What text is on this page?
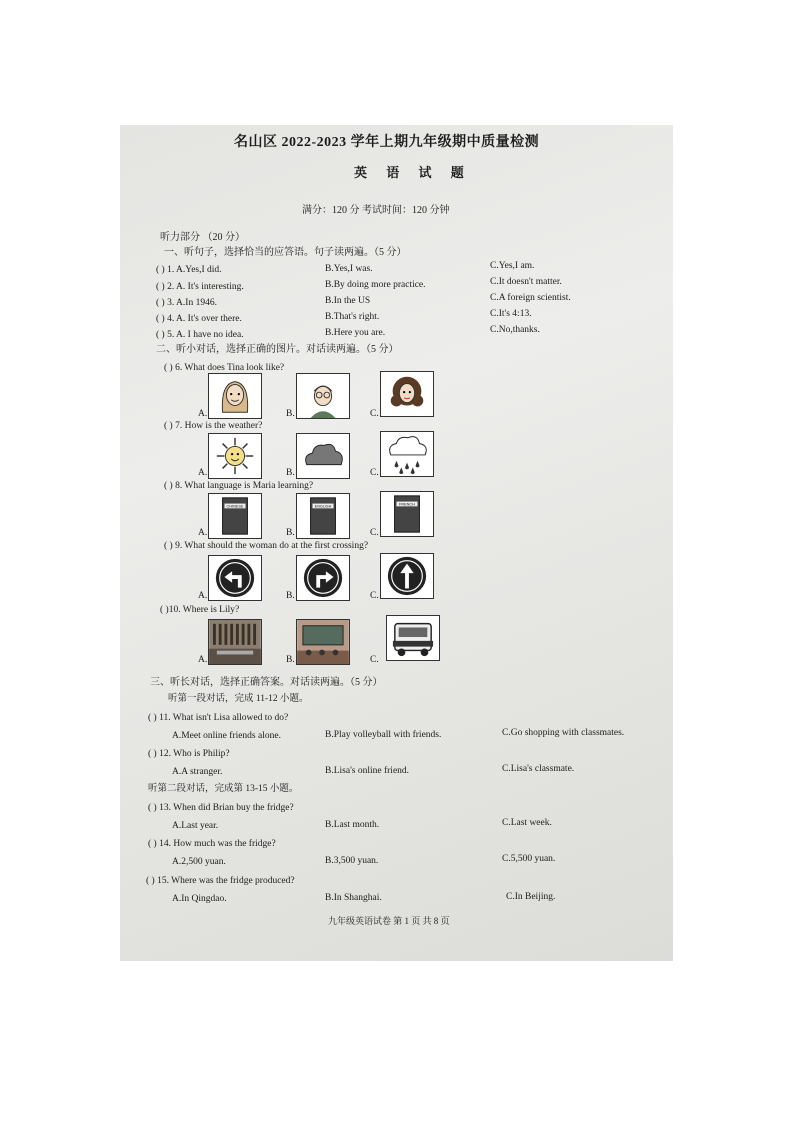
名山区 2022-2023 学年上期九年级期中质量检测
英 语 试 题
满分：120 分 考试时间：120 分钟
听力部分 （20 分）
一、听句子，选择恰当的应答语。句子读两遍。（5 分）
( ) 1. A.Yes,I did.	B.Yes,I was.	C.Yes,I am.
( ) 2. A. It's interesting.	B.By doing more practice.	C.It doesn't matter.
( ) 3. A.In 1946.	B.In the US	C.A foreign scientist.
( ) 4. A. It's over there.	B.That's right.	C.It's 4:13.
( ) 5. A. I have no idea.	B.Here you are.	C.No,thanks.
二、听小对话，选择正确的图片。对话读两遍。（5 分）
( ) 6. What does Tina look like?
A.	B.	C.
( ) 7. How is the weather?
A.	B.	C.
( ) 8. What language is Maria learning?
A.
CHINESE
B.
ENGLISH
C.
FRENCH
( ) 9. What should the woman do at the first crossing?
A.	B.	C.
( )10. Where is Lily?
A.	B.	C.
三、听长对话，选择正确答案。对话读两遍。（5 分）
听第一段对话，完成 11-12 小题。
( ) 11. What isn't Lisa allowed to do?
A.Meet online friends alone.	B.Play volleyball with friends.	C.Go shopping with classmates.
( ) 12. Who is Philip?
A.A stranger.	B.Lisa's online friend.	C.Lisa's classmate.
听第二段对话，完成第 13-15 小题。
( ) 13. When did Brian buy the fridge?
A.Last year.	B.Last month.	C.Last week.
( ) 14. How much was the fridge?
A.2,500 yuan.	B.3,500 yuan.	C.5,500 yuan.
( ) 15. Where was the fridge produced?
A.In Qingdao.	B.In Shanghai.	C.In Beijing.
九年级英语试卷 第 1 页 共 8 页
